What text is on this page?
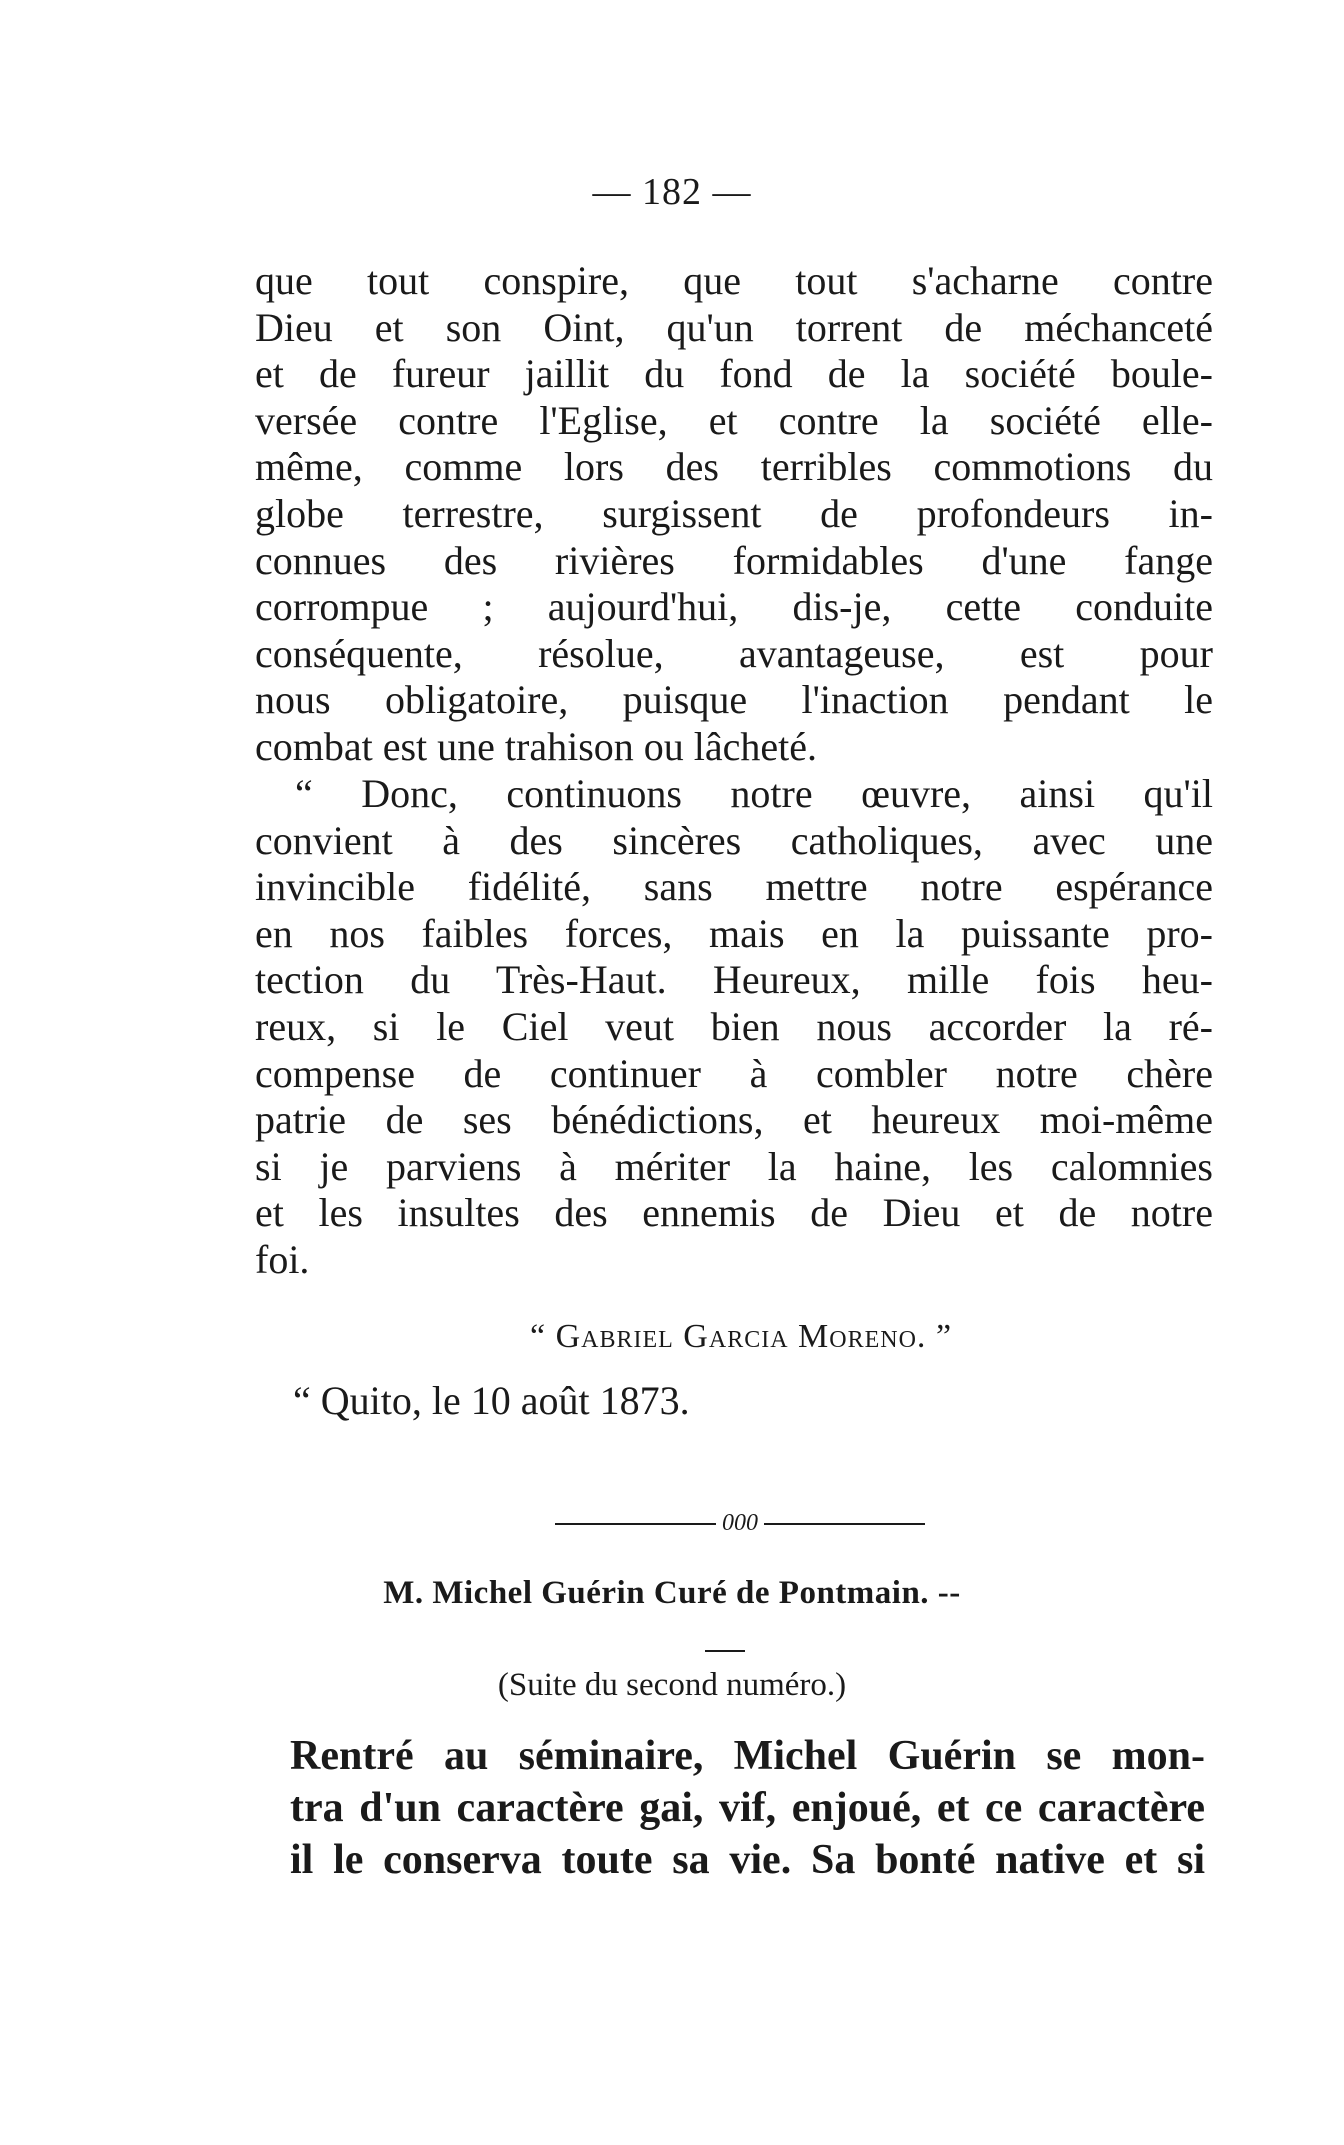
— 182 —
que tout conspire, que tout s'acharne contre
Dieu et son Oint, qu'un torrent de méchanceté
et de fureur jaillit du fond de la société boule-
versée contre l'Eglise, et contre la société elle-
même, comme lors des terribles commotions du
globe terrestre, surgissent de profondeurs in-
connues des rivières formidables d'une fange
corrompue ; aujourd'hui, dis-je, cette conduite
conséquente, résolue, avantageuse, est pour
nous obligatoire, puisque l'inaction pendant le
combat est une trahison ou lâcheté.
“ Donc, continuons notre œuvre, ainsi qu'il
convient à des sincères catholiques, avec une
invincible fidélité, sans mettre notre espérance
en nos faibles forces, mais en la puissante pro-
tection du Très-Haut. Heureux, mille fois heu-
reux, si le Ciel veut bien nous accorder la ré-
compense de continuer à combler notre chère
patrie de ses bénédictions, et heureux moi-même
si je parviens à mériter la haine, les calomnies
et les insultes des ennemis de Dieu et de notre
foi.
“ Gabriel Garcia Moreno. ”
“ Quito, le 10 août 1873.
000
M. Michel Guérin Curé de Pontmain. --
(Suite du second numéro.)
Rentré au séminaire, Michel Guérin se mon-
tra d'un caractère gai, vif, enjoué, et ce caractère
il le conserva toute sa vie. Sa bonté native et si
